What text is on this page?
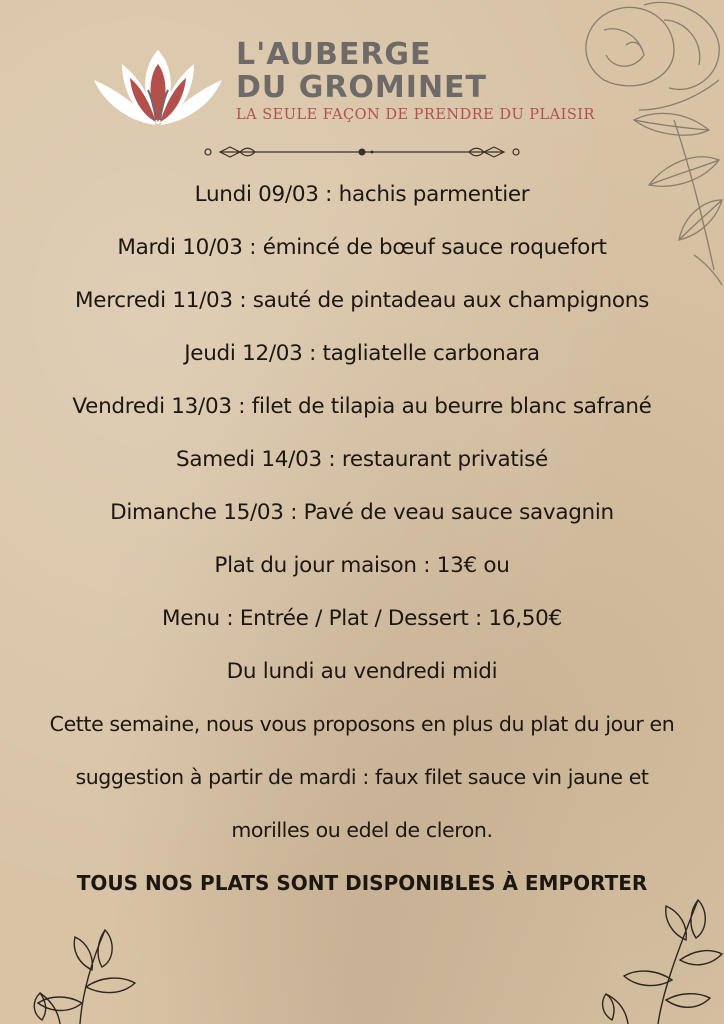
L'AUBERGE
DU GROMINET

LA SEULE FAÇON DE PRENDRE DU PLAISIR

Lundi 09/03 : hachis parmentier

Mardi 10/03 : émincé de bœuf sauce roquefort

Mercredi 11/03 : sauté de pintadeau aux champignons

Jeudi 12/03 : tagliatelle carbonara

Vendredi 13/03 : filet de tilapia au beurre blanc safrané

Samedi 14/03 : restaurant privatisé

Dimanche 15/03 : Pavé de veau sauce savagnin

Plat du jour maison : 13€ ou

Menu : Entrée / Plat / Dessert : 16,50€

Du lundi au vendredi midi

Cette semaine, nous vous proposons en plus du plat du jour en

suggestion à partir de mardi : faux filet sauce vin jaune et

morilles ou edel de cleron.

TOUS NOS PLATS SONT DISPONIBLES À EMPORTER
